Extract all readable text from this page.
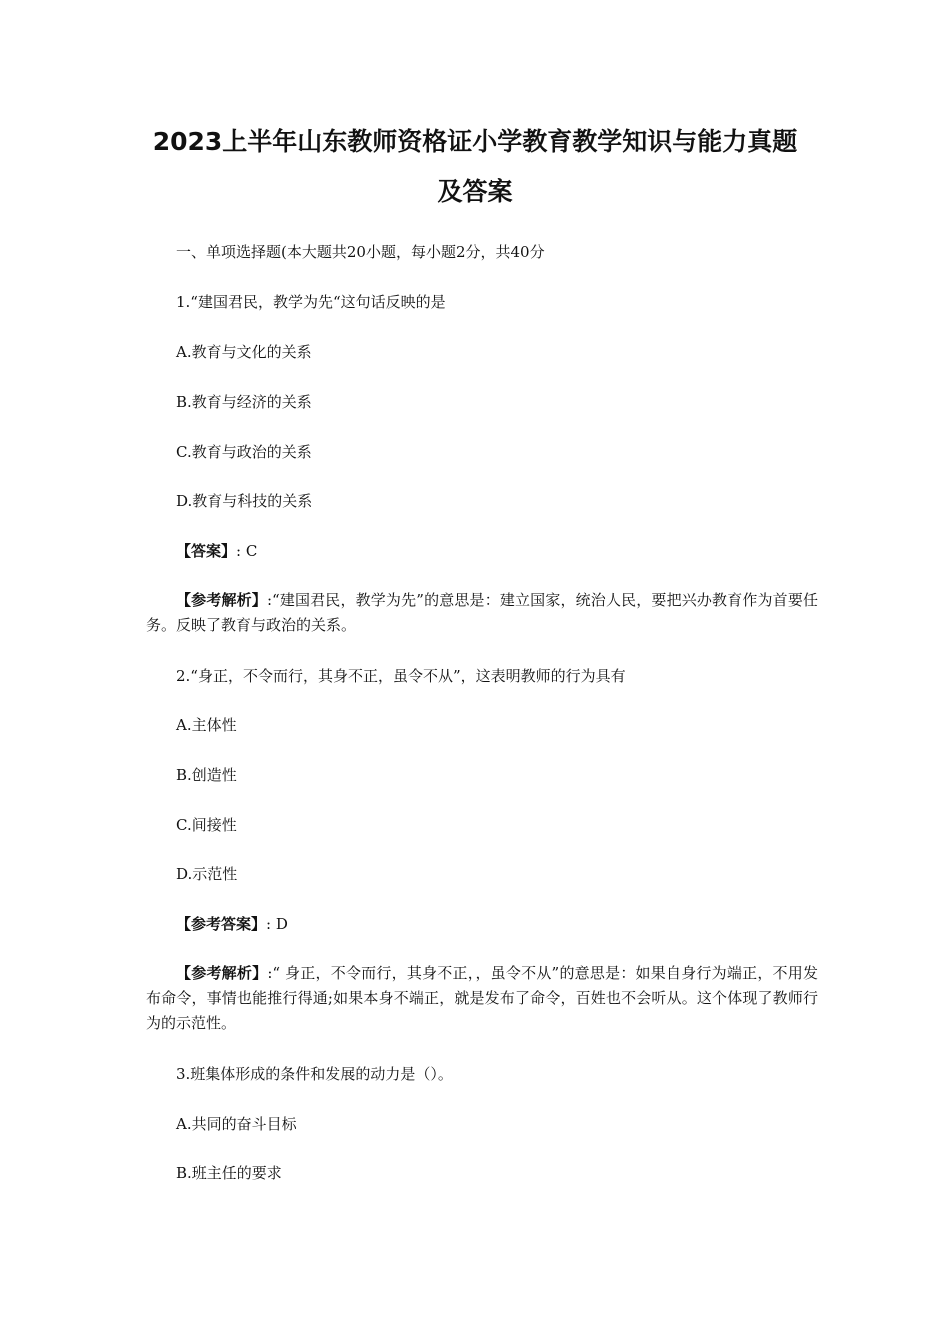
2023上半年山东教师资格证小学教育教学知识与能力真题
及答案
一、单项选择题(本大题共20小题，每小题2分，共40分
1.“建国君民，教学为先“这句话反映的是
A.教育与文化的关系
B.教育与经济的关系
C.教育与政治的关系
D.教育与科技的关系
【答案】: C
【参考解析】:“建国君民，教学为先”的意思是：建立国家，统治人民，要把兴办教育作为首要任务。反映了教育与政治的关系。
2.“身正，不令而行，其身不正，虽令不从”，这表明教师的行为具有
A.主体性
B.创造性
C.间接性
D.示范性
【参考答案】: D
【参考解析】:“ 身正，不令而行，其身不正，，虽令不从”的意思是：如果自身行为端正，不用发布命令，事情也能推行得通;如果本身不端正，就是发布了命令，百姓也不会听从。这个体现了教师行为的示范性。
3.班集体形成的条件和发展的动力是（）。
A.共同的奋斗目标
B.班主任的要求
